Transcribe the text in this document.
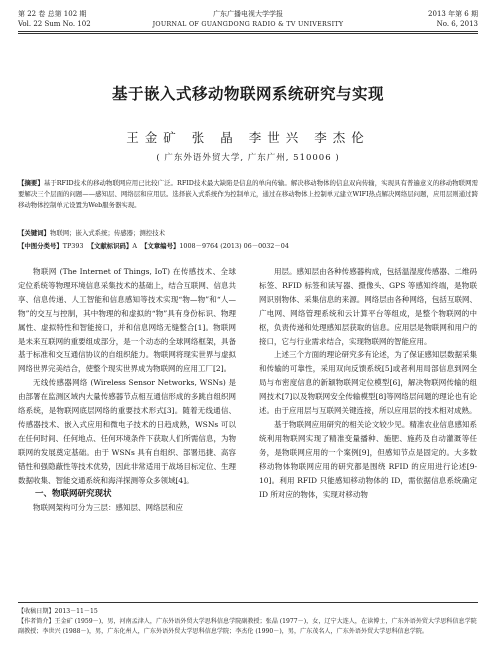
第 22 卷 总第 102 期
Vol. 22 Sum No. 102
广东广播电视大学学报
JOURNAL OF GUANGDONG RADIO & TV UNIVERSITY
2013 年第 6 期
No. 6, 2013
基于嵌入式移动物联网系统研究与实现
王金矿 张 晶 李世兴 李杰伦
( 广东外语外贸大学, 广东广州, 510006 )
【摘要】基于RFID技术的移动物联网应用已比较广泛。RFID技术最大缺陷是信息的单向传输。解决移动物体的信息双向传输，实现具有普遍意义的移动物联网需要解决三个层面的问题——感知层、网络层和应用层。选择嵌入式系统作为控制单元，通过在移动物体上控制单元建立WIFI热点解决网络层问题，应用层则通过跨移动物体控制单元设置为Web服务器实现。
【关键词】物联网；嵌入式系统；传感器；测控技术
【中图分类号】TP393 【文献标识码】A 【文章编号】1008－9764 (2013) 06－0032－04

物联网 (The Internet of Things, IoT) 在传感技术、全球定位系统等物理环境信息采集技术的基础上，结合互联网、信息共享、信息传递、人工智能和信息感知等技术实现“物—物”和“人—物”的交互与控制，其中物理的和虚拟的“物”具有身份标识、物理属性、虚拟特性和智能接口，并和信息网络无缝整合[1]。物联网是未来互联网的重要组成部分，是一个动态的全球网络框架，具备基于标准和交互通信协议的自组织能力。物联网将现实世界与虚拟网络世界完美结合，使整个现实世界成为物联网的应用工厂[2]。

无线传感器网络 (Wireless Sensor Networks, WSNs) 是由部署在监测区域内大量传感器节点相互通信形成的多跳自组织网络系统，是物联网底层网络的重要技术形式[3]。随着无线通信、传感器技术、嵌入式应用和微电子技术的日趋成熟，WSNs 可以在任何时间、任何地点、任何环境条件下获取人们所需信息，为物联网的发展奠定基础。由于 WSNs 具有自组织、部署迅捷、高容错性和强隐蔽性等技术优势，因此非常适用于战场目标定位、生理数据收集、智能交通系统和海洋探测等众多领域[4]。

一、物联网研究现状

物联网架构可分为三层：感知层、网络层和应

用层。感知层由各种传感器构成，包括温湿度传感器、二维码标签、RFID 标签和读写器、摄像头、GPS 等感知终端，是物联网识别物体、采集信息的来源。网络层由各种网络，包括互联网、广电网、网络管理系统和云计算平台等组成，是整个物联网的中枢，负责传递和处理感知层获取的信息。应用层是物联网和用户的接口，它与行业需求结合，实现物联网的智能应用。

上述三个方面的理论研究多有论述，为了保证感知层数据采集和传输的可靠性，采用双向反馈系统[5]或者利用局部信息到网全局与布密度信息的新颖物联网定位模型[6]，解决物联网传输的组网技术[7]以及物联网安全传输模型[8]等网络层问题的理论也有论述。由于应用层与互联网关键连接，所以应用层的技术相对成熟。

基于物联网应用研究的相关论文较少见。精准农业信息感知系统利用物联网实现了精准变量播种、施肥、施药及自动灌溉等任务，是物联网应用的一个案例[9]，但感知节点是固定的。大多数移动物体物联网应用的研究都是围绕 RFID 的应用进行论述[9-10]。利用 RFID 只能感知移动物体的 ID，需依据信息系统确定 ID 所对应的物体，实现对移动物

【收稿日期】2013－11－15

【作者简介】王金矿 (1959－)，男，河南孟津人，广东外语外贸大学思科信息学院副教授；张晶 (1977－)，女，辽宁大连人，在读博士，广东外语外贸大学思科信息学院副教授；李世兴 (1988－)，男，广东化州人，广东外语外贸大学思科信息学院；李杰伦 (1990－)，男，广东茂名人，广东外语外贸大学思科信息学院。
